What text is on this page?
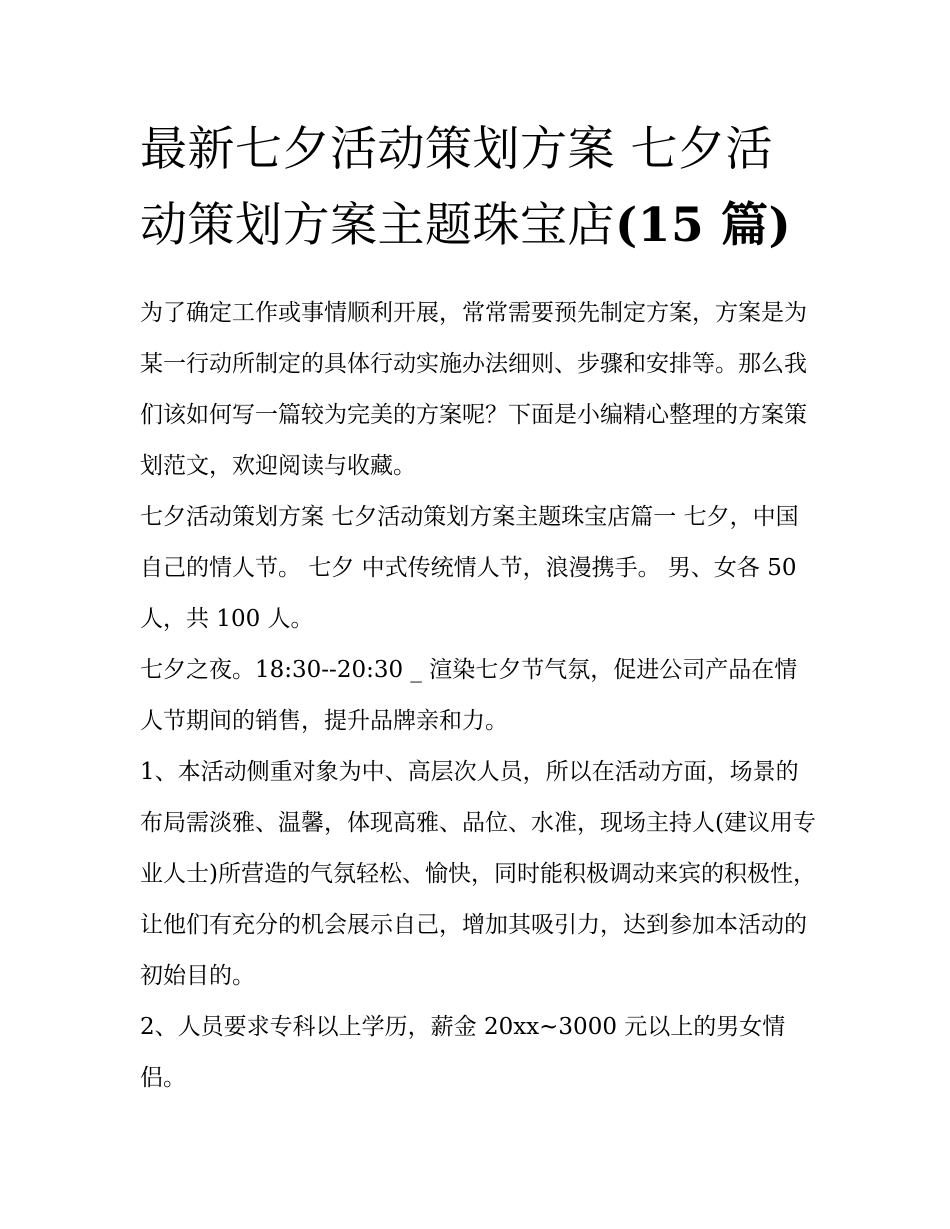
最新七夕活动策划方案 七夕活动策划方案主题珠宝店(15 篇)

为了确定工作或事情顺利开展，常常需要预先制定方案，方案是为某一行动所制定的具体行动实施办法细则、步骤和安排等。那么我们该如何写一篇较为完美的方案呢？下面是小编精心整理的方案策划范文，欢迎阅读与收藏。

七夕活动策划方案 七夕活动策划方案主题珠宝店篇一 七夕，中国自己的情人节。 七夕 中式传统情人节，浪漫携手。 男、女各 50 人，共 100 人。

七夕之夜。18:30--20:30 _ 渲染七夕节气氛，促进公司产品在情人节期间的销售，提升品牌亲和力。

1、本活动侧重对象为中、高层次人员，所以在活动方面，场景的布局需淡雅、温馨，体现高雅、品位、水准，现场主持人(建议用专业人士)所营造的气氛轻松、愉快，同时能积极调动来宾的积极性，让他们有充分的机会展示自己，增加其吸引力，达到参加本活动的初始目的。

2、人员要求专科以上学历，薪金 20xx~3000 元以上的男女情侣。
